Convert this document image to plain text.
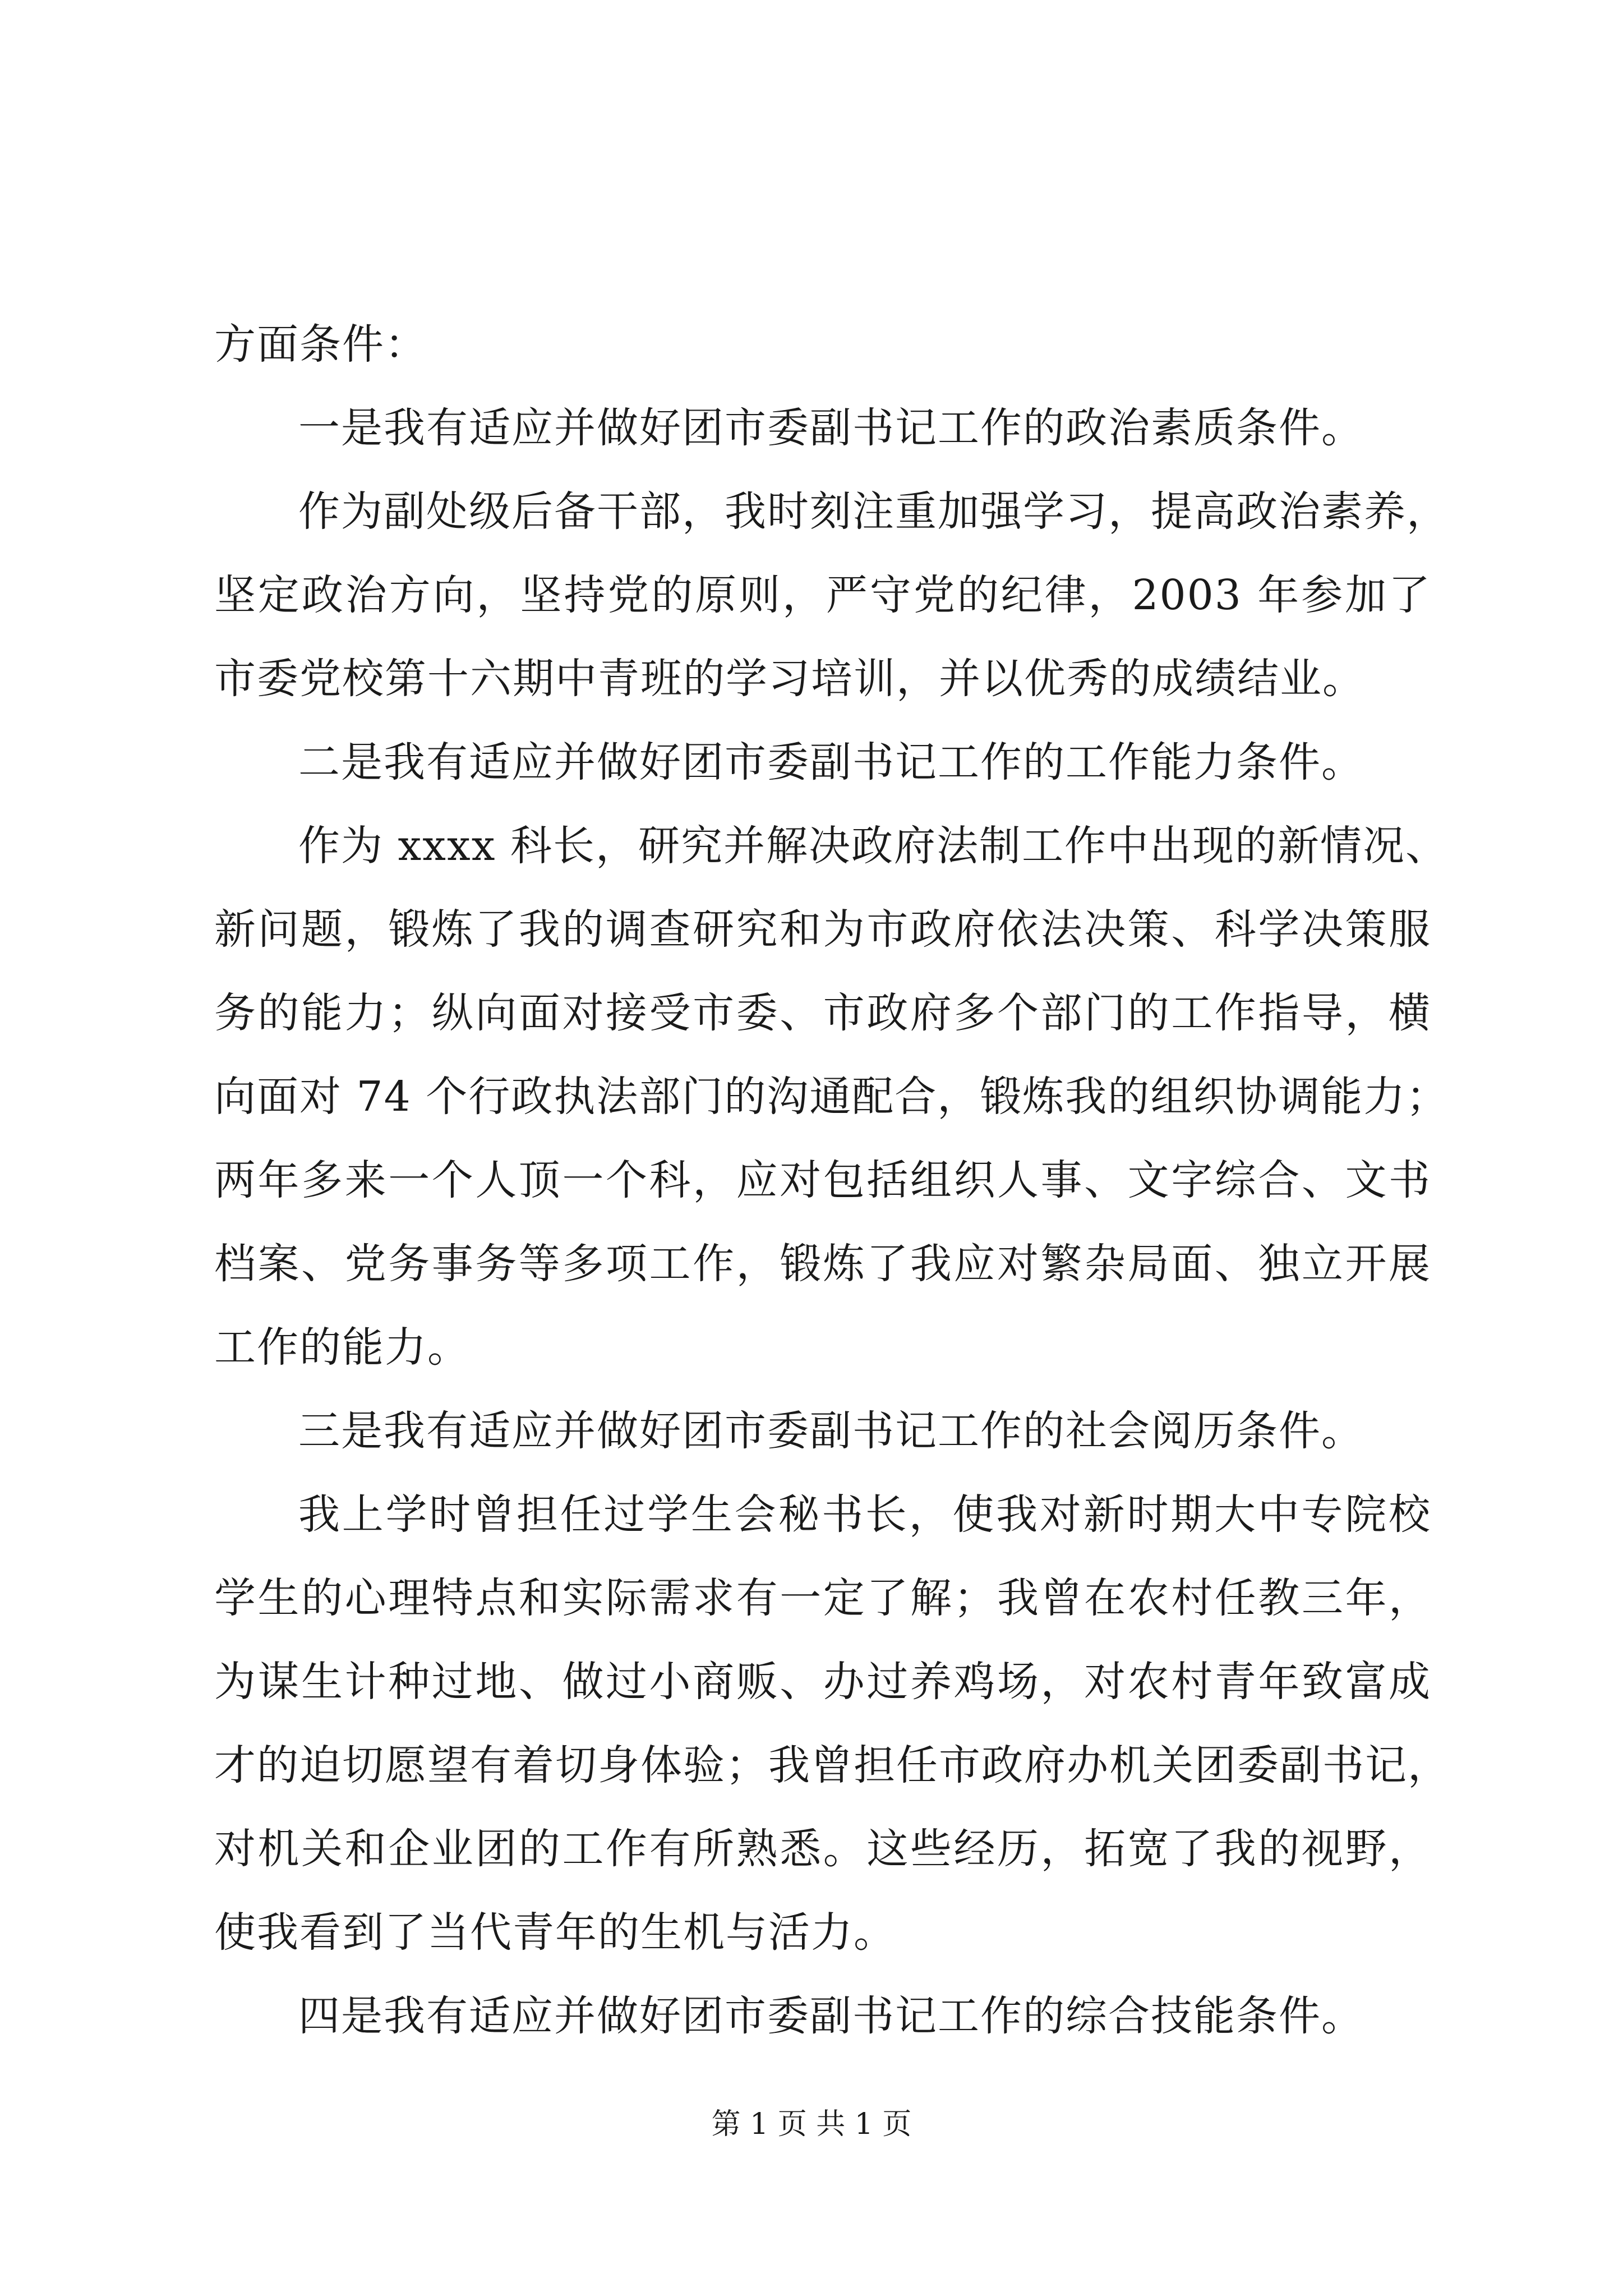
方面条件：
一是我有适应并做好团市委副书记工作的政治素质条件。
作为副处级后备干部，我时刻注重加强学习，提高政治素养，
坚定政治方向，坚持党的原则，严守党的纪律，2003 年参加了
市委党校第十六期中青班的学习培训，并以优秀的成绩结业。
二是我有适应并做好团市委副书记工作的工作能力条件。
作为 xxxx 科长，研究并解决政府法制工作中出现的新情况、
新问题，锻炼了我的调查研究和为市政府依法决策、科学决策服
务的能力；纵向面对接受市委、市政府多个部门的工作指导，横
向面对 74 个行政执法部门的沟通配合，锻炼我的组织协调能力；
两年多来一个人顶一个科，应对包括组织人事、文字综合、文书
档案、党务事务等多项工作，锻炼了我应对繁杂局面、独立开展
工作的能力。
三是我有适应并做好团市委副书记工作的社会阅历条件。
我上学时曾担任过学生会秘书长，使我对新时期大中专院校
学生的心理特点和实际需求有一定了解；我曾在农村任教三年，
为谋生计种过地、做过小商贩、办过养鸡场，对农村青年致富成
才的迫切愿望有着切身体验；我曾担任市政府办机关团委副书记，
对机关和企业团的工作有所熟悉。这些经历，拓宽了我的视野，
使我看到了当代青年的生机与活力。
四是我有适应并做好团市委副书记工作的综合技能条件。
第 1 页 共 1 页
